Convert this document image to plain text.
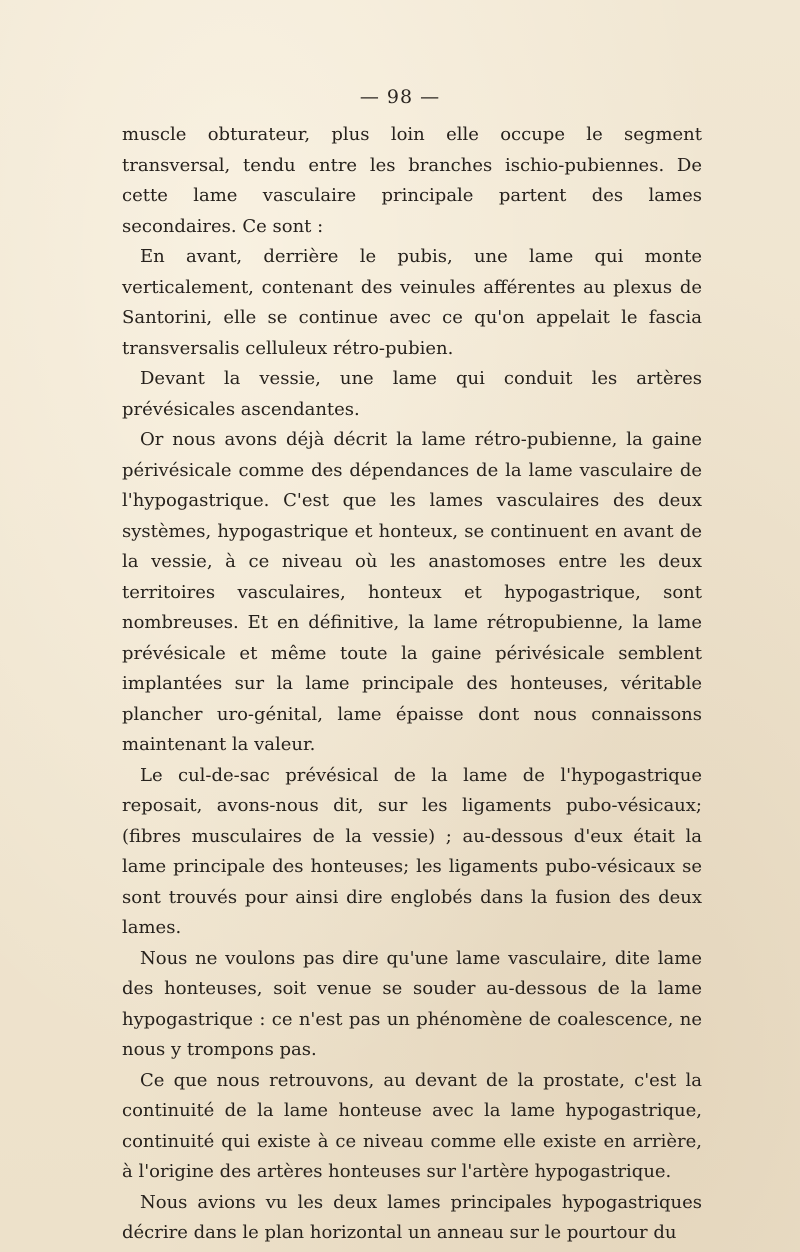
— 98 —

muscle obturateur, plus loin elle occupe le segment transversal, tendu entre les branches ischio-pubiennes. De cette lame vasculaire principale partent des lames secondaires. Ce sont :

En avant, derrière le pubis, une lame qui monte verticalement, contenant des veinules afférentes au plexus de Santorini, elle se continue avec ce qu'on appelait le fascia transversalis celluleux rétro-pubien.

Devant la vessie, une lame qui conduit les artères prévésicales ascendantes.

Or nous avons déjà décrit la lame rétro-pubienne, la gaine périvésicale comme des dépendances de la lame vasculaire de l'hypogastrique. C'est que les lames vasculaires des deux systèmes, hypogastrique et honteux, se continuent en avant de la vessie, à ce niveau où les anastomoses entre les deux territoires vasculaires, honteux et hypogastrique, sont nombreuses. Et en définitive, la lame rétropubienne, la lame prévésicale et même toute la gaine périvésicale semblent implantées sur la lame principale des honteuses, véritable plancher uro-génital, lame épaisse dont nous connaissons maintenant la valeur.

Le cul-de-sac prévésical de la lame de l'hypogastrique reposait, avons-nous dit, sur les ligaments pubo-vésicaux; (fibres musculaires de la vessie) ; au-dessous d'eux était la lame principale des honteuses; les ligaments pubo-vésicaux se sont trouvés pour ainsi dire englobés dans la fusion des deux lames.

Nous ne voulons pas dire qu'une lame vasculaire, dite lame des honteuses, soit venue se souder au-dessous de la lame hypogastrique : ce n'est pas un phénomène de coalescence, ne nous y trompons pas.

Ce que nous retrouvons, au devant de la prostate, c'est la continuité de la lame honteuse avec la lame hypogastrique, continuité qui existe à ce niveau comme elle existe en arrière, à l'origine des artères honteuses sur l'artère hypogastrique.

Nous avions vu les deux lames principales hypogastriques décrire dans le plan horizontal un anneau sur le pourtour du
